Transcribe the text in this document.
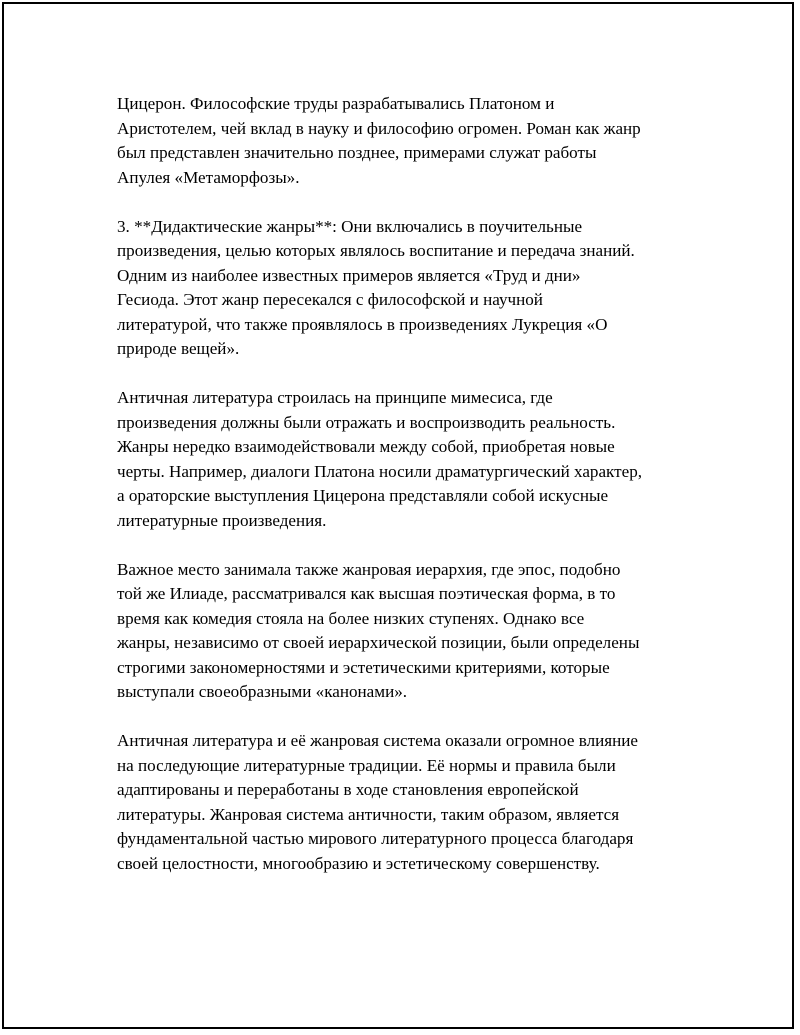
Цицерон. Философские труды разрабатывались Платоном и
Аристотелем, чей вклад в науку и философию огромен. Роман как жанр
был представлен значительно позднее, примерами служат работы
Апулея «Метаморфозы».

3. **Дидактические жанры**: Они включались в поучительные
произведения, целью которых являлось воспитание и передача знаний.
Одним из наиболее известных примеров является «Труд и дни»
Гесиода. Этот жанр пересекался с философской и научной
литературой, что также проявлялось в произведениях Лукреция «О
природе вещей».

Античная литература строилась на принципе мимесиса, где
произведения должны были отражать и воспроизводить реальность.
Жанры нередко взаимодействовали между собой, приобретая новые
черты. Например, диалоги Платона носили драматургический характер,
а ораторские выступления Цицерона представляли собой искусные
литературные произведения.

Важное место занимала также жанровая иерархия, где эпос, подобно
той же Илиаде, рассматривался как высшая поэтическая форма, в то
время как комедия стояла на более низких ступенях. Однако все
жанры, независимо от своей иерархической позиции, были определены
строгими закономерностями и эстетическими критериями, которые
выступали своеобразными «канонами».

Античная литература и её жанровая система оказали огромное влияние
на последующие литературные традиции. Её нормы и правила были
адаптированы и переработаны в ходе становления европейской
литературы. Жанровая система античности, таким образом, является
фундаментальной частью мирового литературного процесса благодаря
своей целостности, многообразию и эстетическому совершенству.
